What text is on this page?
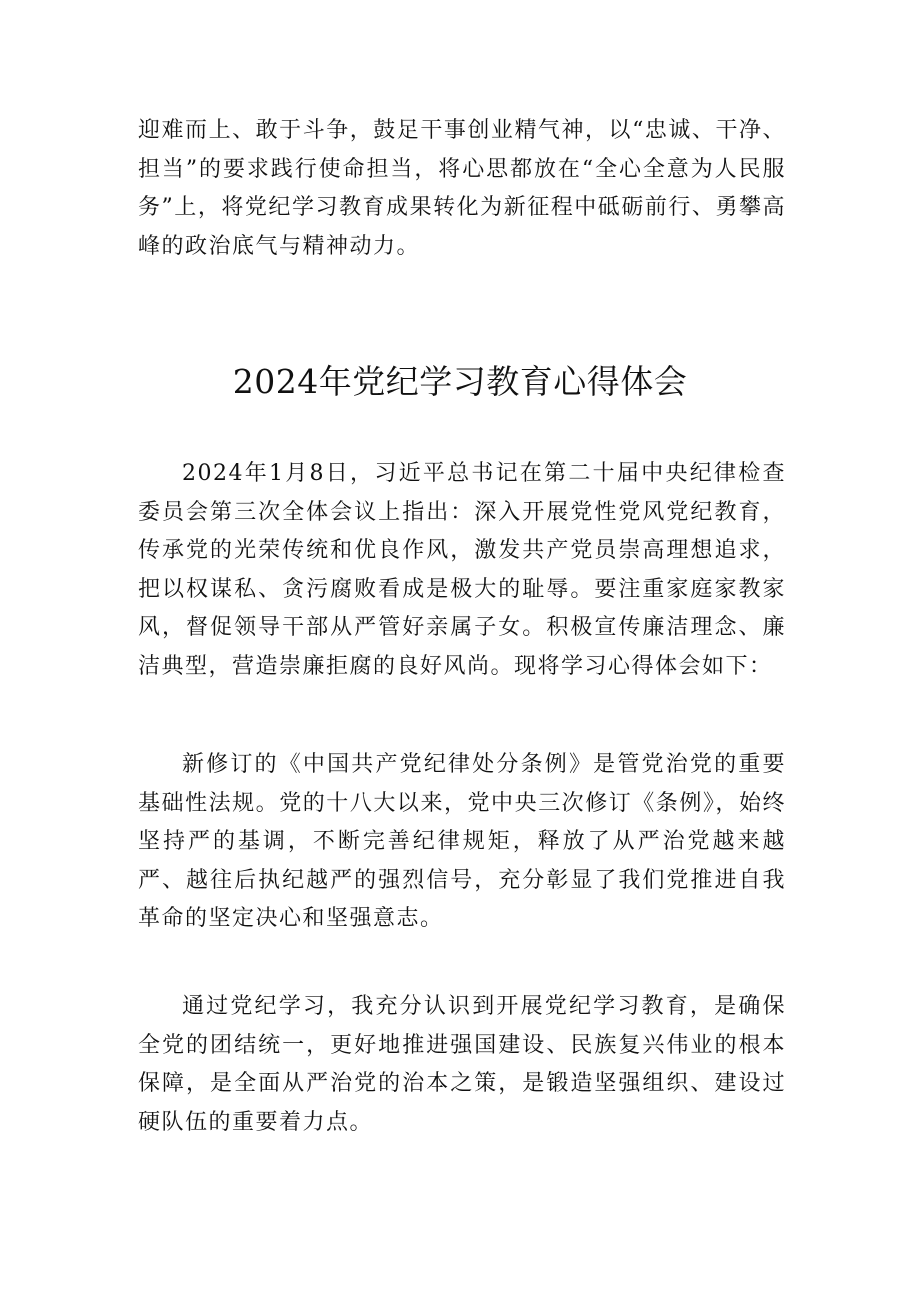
迎难而上、敢于斗争，鼓足干事创业精气神，以“忠诚、干净、担当”的要求践行使命担当，将心思都放在“全心全意为人民服务”上，将党纪学习教育成果转化为新征程中砥砺前行、勇攀高峰的政治底气与精神动力。

2024年党纪学习教育心得体会

2024年1月8日，习近平总书记在第二十届中央纪律检查委员会第三次全体会议上指出：深入开展党性党风党纪教育，传承党的光荣传统和优良作风，激发共产党员崇高理想追求，把以权谋私、贪污腐败看成是极大的耻辱。要注重家庭家教家风，督促领导干部从严管好亲属子女。积极宣传廉洁理念、廉洁典型，营造崇廉拒腐的良好风尚。现将学习心得体会如下：

新修订的《中国共产党纪律处分条例》是管党治党的重要基础性法规。党的十八大以来，党中央三次修订《条例》，始终坚持严的基调，不断完善纪律规矩，释放了从严治党越来越严、越往后执纪越严的强烈信号，充分彰显了我们党推进自我革命的坚定决心和坚强意志。

通过党纪学习，我充分认识到开展党纪学习教育，是确保全党的团结统一，更好地推进强国建设、民族复兴伟业的根本保障，是全面从严治党的治本之策，是锻造坚强组织、建设过硬队伍的重要着力点。
